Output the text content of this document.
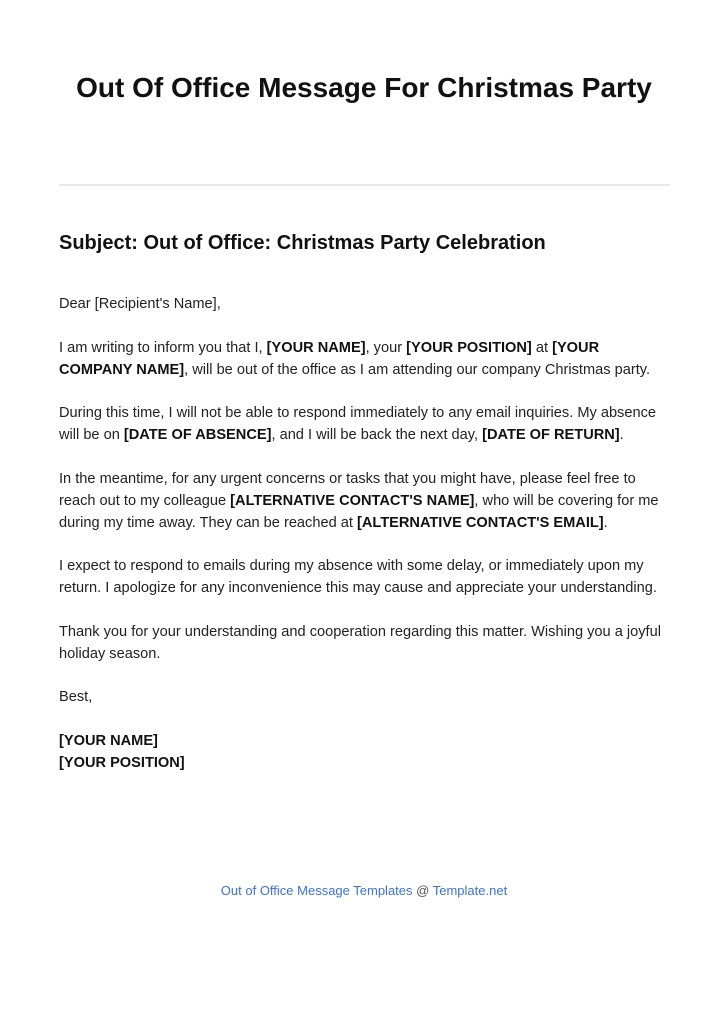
Out Of Office Message For Christmas Party
Subject: Out of Office: Christmas Party Celebration

Dear [Recipient's Name],

I am writing to inform you that I, [YOUR NAME], your [YOUR POSITION] at [YOUR COMPANY NAME], will be out of the office as I am attending our company Christmas party.

During this time, I will not be able to respond immediately to any email inquiries. My absence will be on [DATE OF ABSENCE], and I will be back the next day, [DATE OF RETURN].

In the meantime, for any urgent concerns or tasks that you might have, please feel free to reach out to my colleague [ALTERNATIVE CONTACT'S NAME], who will be covering for me during my time away. They can be reached at [ALTERNATIVE CONTACT'S EMAIL].

I expect to respond to emails during my absence with some delay, or immediately upon my return. I apologize for any inconvenience this may cause and appreciate your understanding.

Thank you for your understanding and cooperation regarding this matter. Wishing you a joyful holiday season.

Best,

[YOUR NAME]
[YOUR POSITION]

Out of Office Message Templates @ Template.net
